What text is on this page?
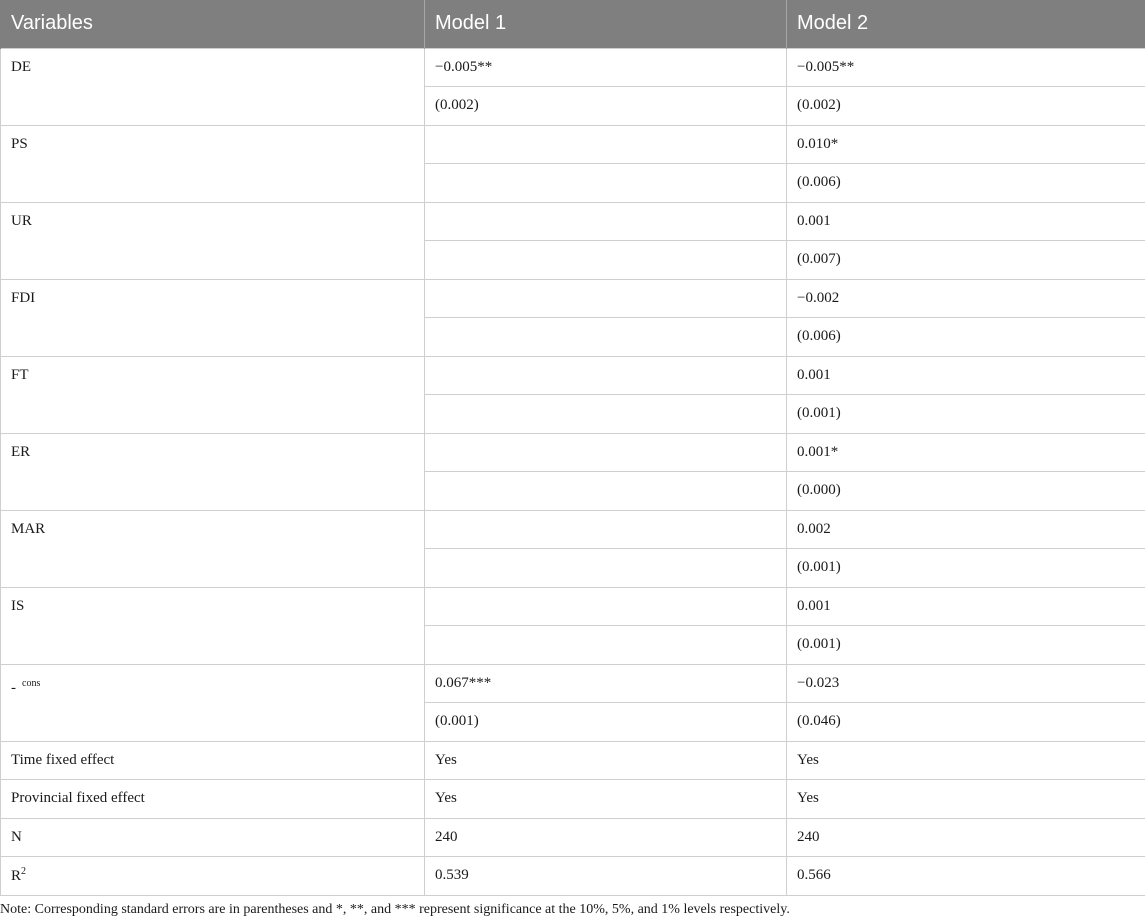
Variables	Model 1	Model 2
DE	−0.005**	−0.005**
	(0.002)	(0.002)
PS		0.010*
		(0.006)
UR		0.001
		(0.007)
FDI		−0.002
		(0.006)
FT		0.001
		(0.001)
ER		0.001*
		(0.000)
MAR		0.002
		(0.001)
IS		0.001
		(0.001)
- $^{cons}$	0.067***	−0.023
	(0.001)	(0.046)
Time fixed effect	Yes	Yes
Provincial fixed effect	Yes	Yes
N	240	240
$R^2$	0.539	0.566
Note: Corresponding standard errors are in parentheses and *, **, and *** represent significance at the 10%, 5%, and 1% levels respectively.
